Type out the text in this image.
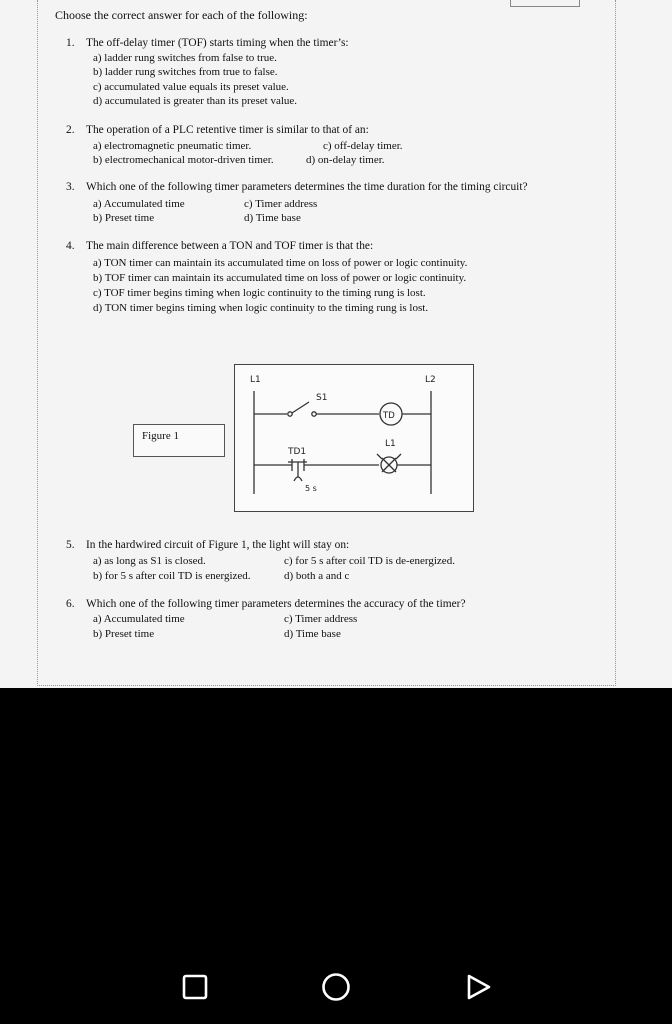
Choose the correct answer for each of the following:
1. The off-delay timer (TOF) starts timing when the timer’s:
a) ladder rung switches from false to true.
b) ladder rung switches from true to false.
c) accumulated value equals its preset value.
d) accumulated is greater than its preset value.
2. The operation of a PLC retentive timer is similar to that of an:
a) electromagnetic pneumatic timer.	c) off-delay timer.
b) electromechanical motor-driven timer.	d) on-delay timer.
3. Which one of the following timer parameters determines the time duration for the timing circuit?
a) Accumulated time	c) Timer address
b) Preset time	d) Time base
4. The main difference between a TON and TOF timer is that the:
a) TON timer can maintain its accumulated time on loss of power or logic continuity.
b) TOF timer can maintain its accumulated time on loss of power or logic continuity.
c) TOF timer begins timing when logic continuity to the timing rung is lost.
d) TON timer begins timing when logic continuity to the timing rung is lost.
Figure 1
L1	L2
S1
TD
TD1
L1
5 s
5. In the hardwired circuit of Figure 1, the light will stay on:
a) as long as S1 is closed.	c) for 5 s after coil TD is de-energized.
b) for 5 s after coil TD is energized.	d) both a and c
6. Which one of the following timer parameters determines the accuracy of the timer?
a) Accumulated time	c) Timer address
b) Preset time	d) Time base
